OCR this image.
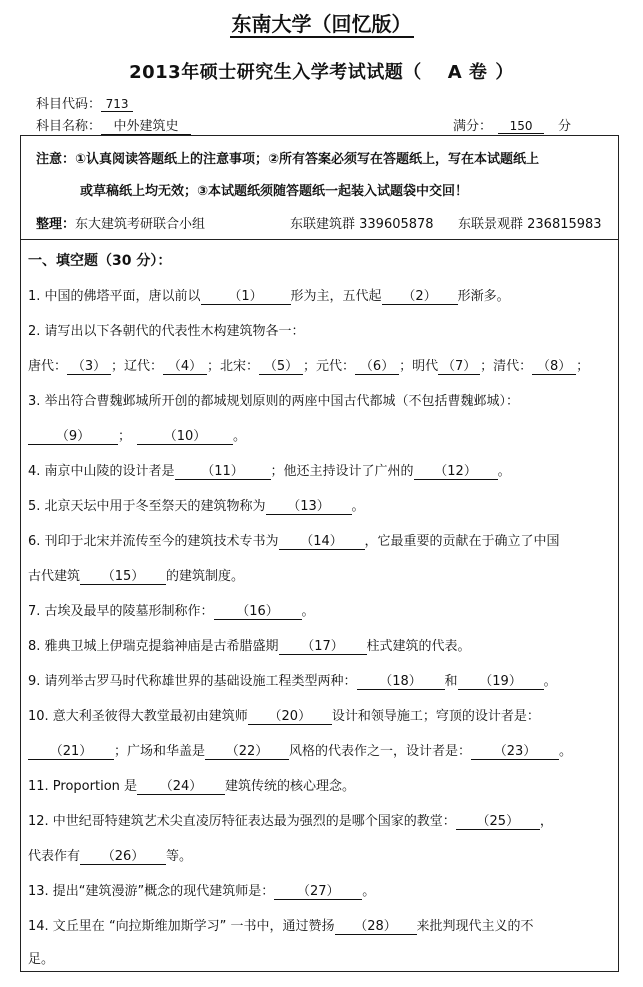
东南大学（回忆版）
2013年硕士研究生入学考试试题（ A 卷 ）
科目代码： 713
科目名称： 中外建筑史	满分： 150 分
注意：①认真阅读答题纸上的注意事项；②所有答案必须写在答题纸上，写在本试题纸上
或草稿纸上均无效；③本试题纸须随答题纸一起装入试题袋中交回！
整理：东大建筑考研联合小组	东联建筑群 339605878 东联景观群 236815983
一、填空题（30 分）：
1. 中国的佛塔平面，唐以前以 （1） 形为主，五代起 （2） 形渐多。
2. 请写出以下各朝代的代表性木构建筑物各一：
唐代： （3） ；辽代： （4） ；北宋： （5） ；元代： （6） ；明代 （7） ；清代： （8） ；
3. 举出符合曹魏邺城所开创的都城规划原则的两座中国古代都城（不包括曹魏邺城）：
（9） ；	（10） 。
4. 南京中山陵的设计者是 （11） ；他还主持设计了广州的 （12） 。
5. 北京天坛中用于冬至祭天的建筑物称为 （13） 。
6. 刊印于北宋并流传至今的建筑技术专书为 （14） ，它最重要的贡献在于确立了中国
古代建筑 （15） 的建筑制度。
7. 古埃及最早的陵墓形制称作： （16） 。
8. 雅典卫城上伊瑞克提翁神庙是古希腊盛期 （17） 柱式建筑的代表。
9. 请列举古罗马时代称雄世界的基础设施工程类型两种： （18） 和 （19） 。
10. 意大利圣彼得大教堂最初由建筑师 （20） 设计和领导施工；穹顶的设计者是：
（21） ；广场和华盖是 （22） 风格的代表作之一，设计者是： （23） 。
11. Proportion 是 （24） 建筑传统的核心理念。
12. 中世纪哥特建筑艺术尖直凌厉特征表达最为强烈的是哪个国家的教堂： （25） ，
代表作有 （26） 等。
13. 提出“建筑漫游”概念的现代建筑师是： （27） 。
14. 文丘里在 “向拉斯维加斯学习” 一书中，通过赞扬 （28） 来批判现代主义的不
足。
